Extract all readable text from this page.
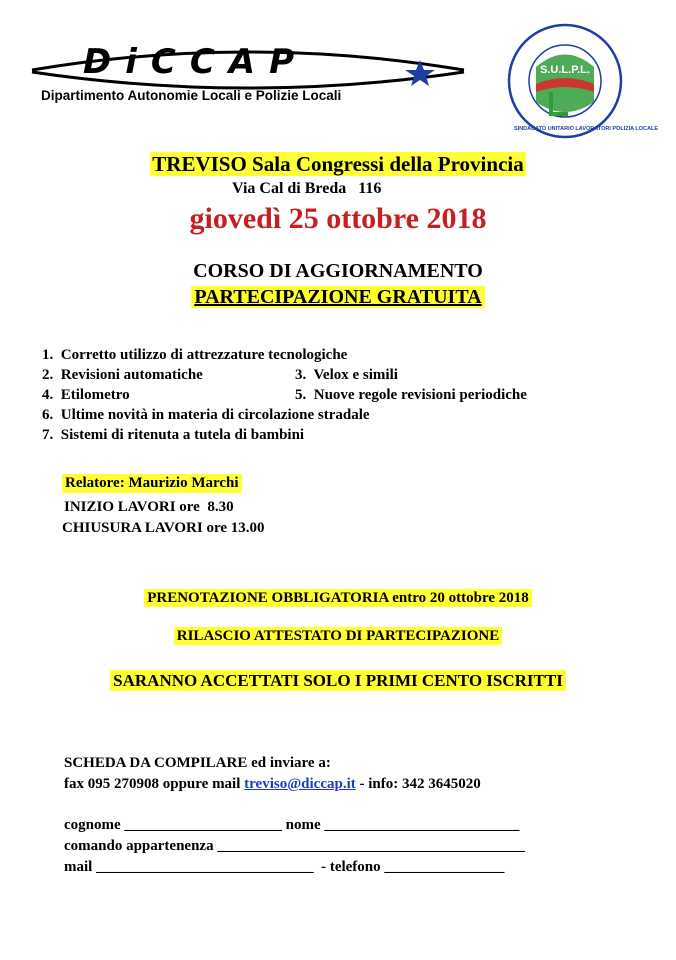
DiCCAP
Dipartimento Autonomie Locali e Polizie Locali
S.U.L.P.L.
SINDACATO UNITARIO LAVORATORI POLIZIA LOCALE
TREVISO Sala Congressi della Provincia
Via Cal di Breda   116
giovedì 25 ottobre 2018
CORSO DI AGGIORNAMENTO
PARTECIPAZIONE GRATUITA
1.  Corretto utilizzo di attrezzature tecnologiche
2.  Revisioni automatiche	3.  Velox e simili
4.  Etilometro	5.  Nuove regole revisioni periodiche
6.  Ultime novità in materia di circolazione stradale
7.  Sistemi di ritenuta a tutela di bambini
Relatore: Maurizio Marchi
INIZIO LAVORI ore  8.30
CHIUSURA LAVORI ore 13.00
PRENOTAZIONE OBBLIGATORIA entro 20 ottobre 2018
RILASCIO ATTESTATO DI PARTECIPAZIONE
SARANNO ACCETTATI SOLO I PRIMI CENTO ISCRITTI
SCHEDA DA COMPILARE ed inviare a:
fax 095 270908 oppure mail treviso@diccap.it - info: 342 3645020
cognome _____________________ nome __________________________
comando appartenenza _________________________________________
mail _____________________________  - telefono ________________
